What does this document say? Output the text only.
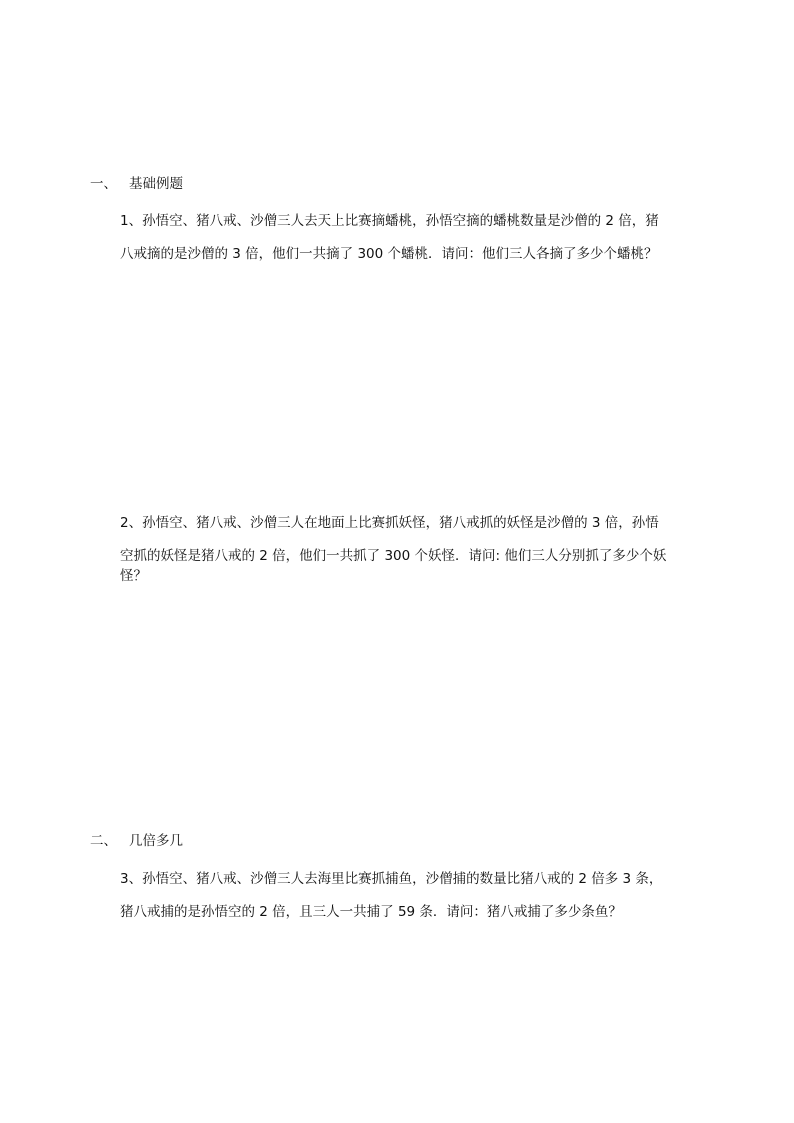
一、 基础例题
1、孙悟空、猪八戒、沙僧三人去天上比赛摘蟠桃，孙悟空摘的蟠桃数量是沙僧的 2 倍，猪
八戒摘的是沙僧的 3 倍，他们一共摘了 300 个蟠桃．请问：他们三人各摘了多少个蟠桃？
2、孙悟空、猪八戒、沙僧三人在地面上比赛抓妖怪，猪八戒抓的妖怪是沙僧的 3 倍，孙悟
空抓的妖怪是猪八戒的 2 倍，他们一共抓了 300 个妖怪．请问: 他们三人分别抓了多少个妖
怪？
二、 几倍多几
3、孙悟空、猪八戒、沙僧三人去海里比赛抓捕鱼，沙僧捕的数量比猪八戒的 2 倍多 3 条，
猪八戒捕的是孙悟空的 2 倍，且三人一共捕了 59 条．请问：猪八戒捕了多少条鱼？
